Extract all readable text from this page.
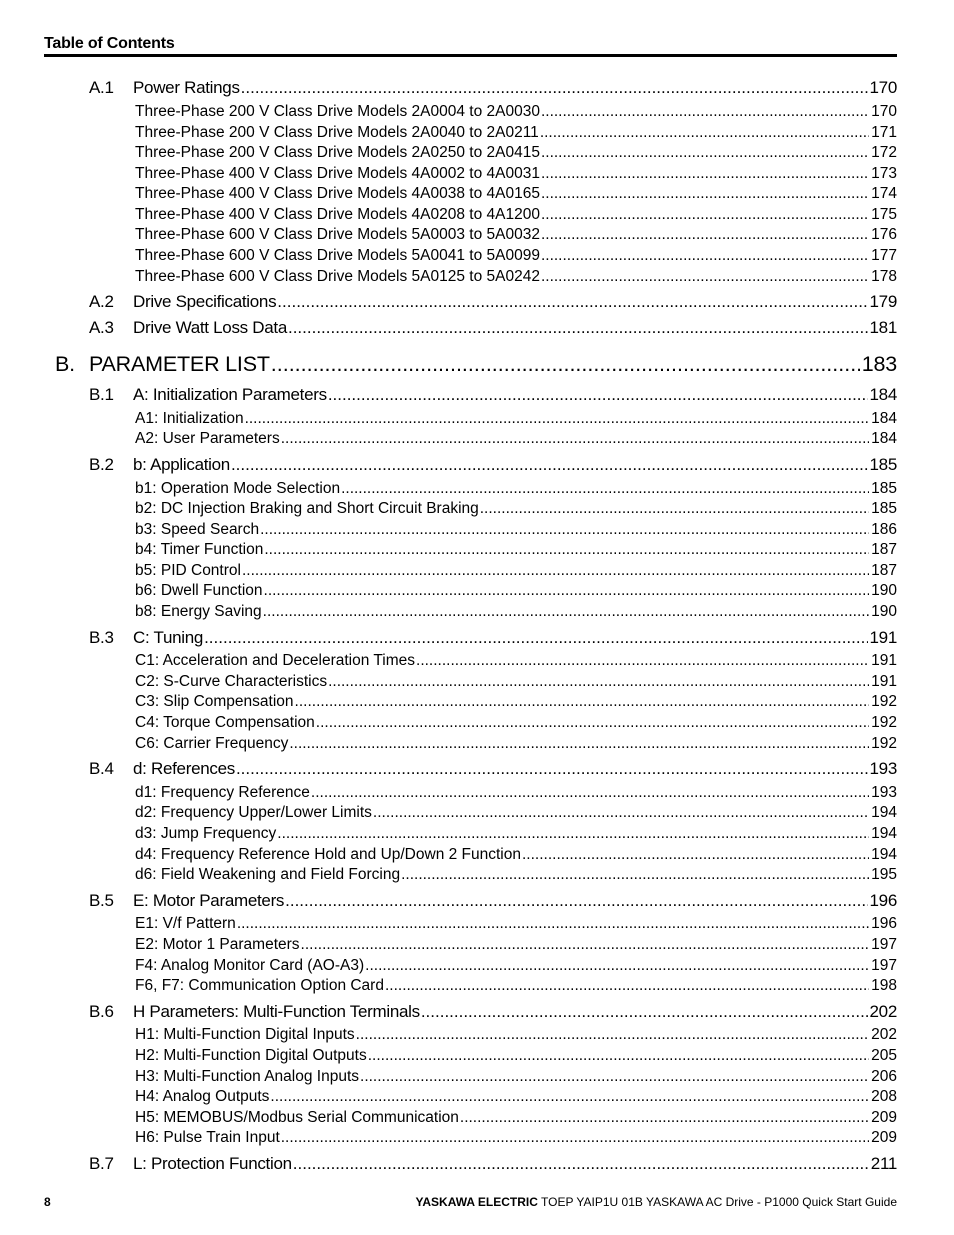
Table of Contents
A.1 Power Ratings .....	170
Three-Phase 200 V Class Drive Models 2A0004 to 2A0030 .....	170
Three-Phase 200 V Class Drive Models 2A0040 to 2A0211 .....	171
Three-Phase 200 V Class Drive Models 2A0250 to 2A0415 .....	172
Three-Phase 400 V Class Drive Models 4A0002 to 4A0031 .....	173
Three-Phase 400 V Class Drive Models 4A0038 to 4A0165 .....	174
Three-Phase 400 V Class Drive Models 4A0208 to 4A1200 .....	175
Three-Phase 600 V Class Drive Models 5A0003 to 5A0032 .....	176
Three-Phase 600 V Class Drive Models 5A0041 to 5A0099 .....	177
Three-Phase 600 V Class Drive Models 5A0125 to 5A0242 .....	178
A.2 Drive Specifications .....	179
A.3 Drive Watt Loss Data .....	181
B. PARAMETER LIST .....	183
B.1 A: Initialization Parameters .....	184
A1: Initialization .....	184
A2: User Parameters .....	184
B.2 b: Application .....	185
b1: Operation Mode Selection .....	185
b2: DC Injection Braking and Short Circuit Braking .....	185
b3: Speed Search .....	186
b4: Timer Function .....	187
b5: PID Control .....	187
b6: Dwell Function .....	190
b8: Energy Saving .....	190
B.3 C: Tuning .....	191
C1: Acceleration and Deceleration Times .....	191
C2: S-Curve Characteristics .....	191
C3: Slip Compensation .....	192
C4: Torque Compensation .....	192
C6: Carrier Frequency .....	192
B.4 d: References .....	193
d1: Frequency Reference .....	193
d2: Frequency Upper/Lower Limits .....	194
d3: Jump Frequency .....	194
d4: Frequency Reference Hold and Up/Down 2 Function .....	194
d6: Field Weakening and Field Forcing .....	195
B.5 E: Motor Parameters .....	196
E1: V/f Pattern .....	196
E2: Motor 1 Parameters .....	197
F4: Analog Monitor Card (AO-A3) .....	197
F6, F7: Communication Option Card .....	198
B.6 H Parameters: Multi-Function Terminals .....	202
H1: Multi-Function Digital Inputs .....	202
H2: Multi-Function Digital Outputs .....	205
H3: Multi-Function Analog Inputs .....	206
H4: Analog Outputs .....	208
H5: MEMOBUS/Modbus Serial Communication .....	209
H6: Pulse Train Input .....	209
B.7 L: Protection Function .....	211
8	YASKAWA ELECTRIC TOEP YAIP1U 01B YASKAWA AC Drive - P1000 Quick Start Guide
